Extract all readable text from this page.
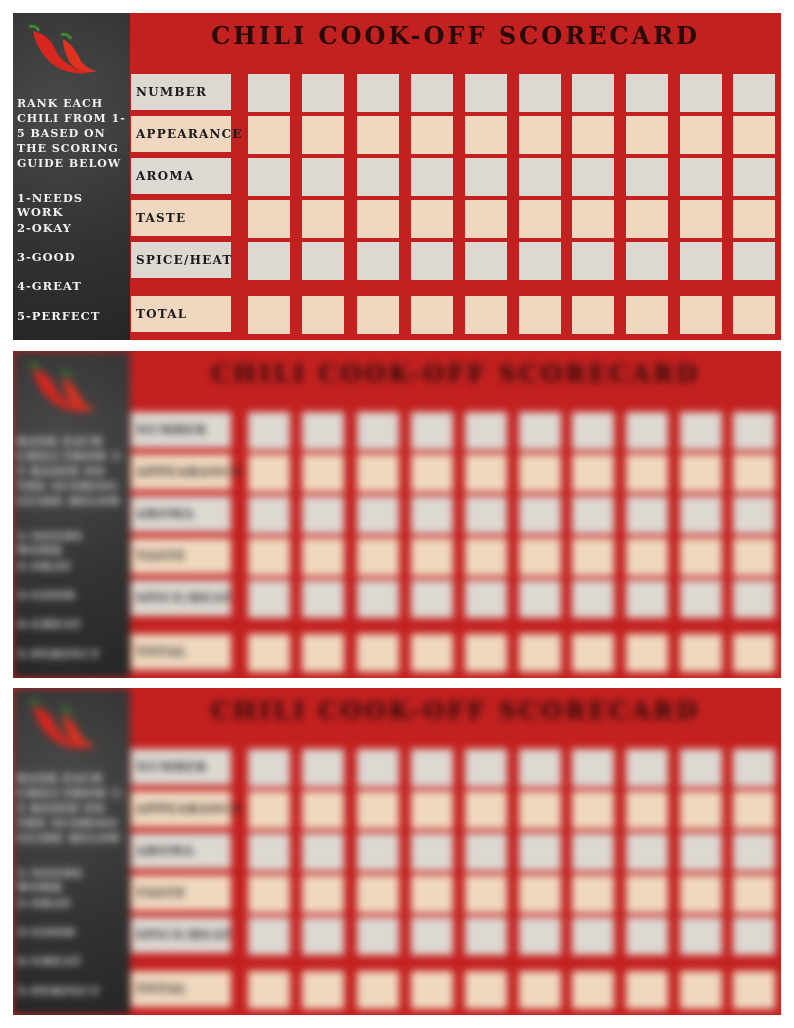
RANK EACH CHILI FROM 1-5 BASED ON THE SCORING GUIDE BELOW
1-NEEDS WORK
2-OKAY
3-GOOD
4-GREAT
5-PERFECT
CHILI COOK-OFF SCORECARD
NUMBER
APPEARANCE
AROMA
TASTE
SPICE/HEAT
TOTAL
RANK EACH CHILI FROM 1-5 BASED ON THE SCORING GUIDE BELOW
1-NEEDS WORK
2-OKAY
3-GOOD
4-GREAT
5-PERFECT
CHILI COOK-OFF SCORECARD
NUMBER
APPEARANCE
AROMA
TASTE
SPICE/HEAT
TOTAL
RANK EACH CHILI FROM 1-5 BASED ON THE SCORING GUIDE BELOW
1-NEEDS WORK
2-OKAY
3-GOOD
4-GREAT
5-PERFECT
CHILI COOK-OFF SCORECARD
NUMBER
APPEARANCE
AROMA
TASTE
SPICE/HEAT
TOTAL
